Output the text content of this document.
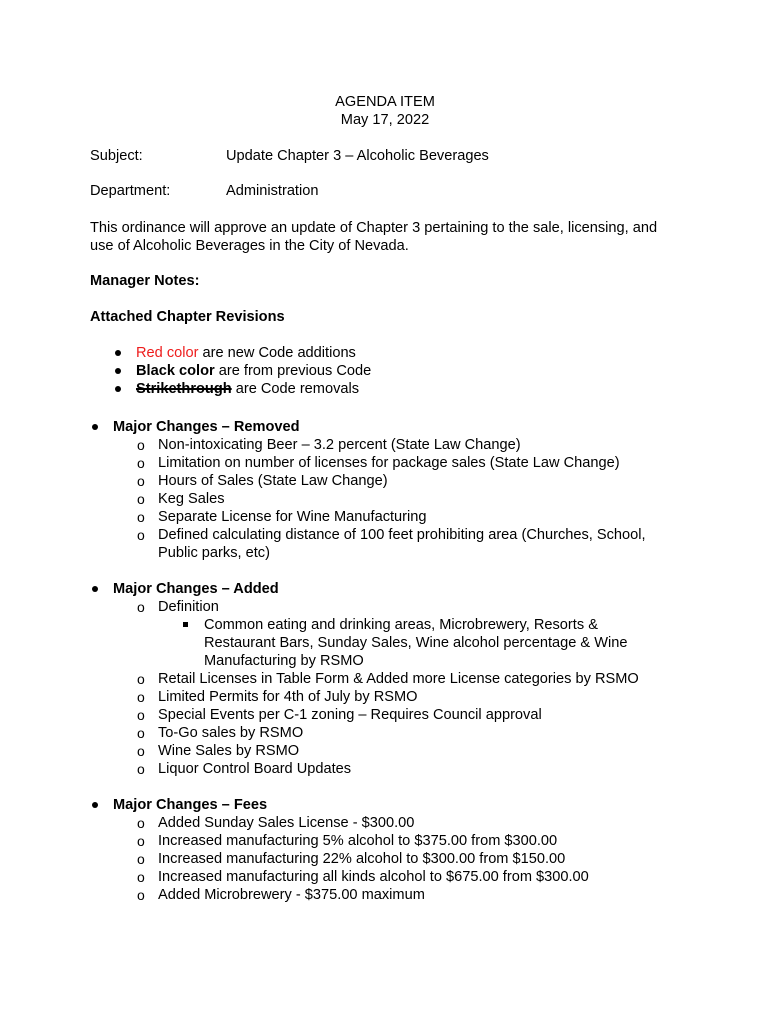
AGENDA ITEM
May 17, 2022
Subject:	Update Chapter 3 – Alcoholic Beverages
Department:	Administration
This ordinance will approve an update of Chapter 3 pertaining to the sale, licensing, and
use of Alcoholic Beverages in the City of Nevada.
Manager Notes:
Attached Chapter Revisions
Red color are new Code additions
Black color are from previous Code
Strikethrough are Code removals
Major Changes – Removed
o Non-intoxicating Beer – 3.2 percent (State Law Change)
o Limitation on number of licenses for package sales (State Law Change)
o Hours of Sales (State Law Change)
o Keg Sales
o Separate License for Wine Manufacturing
o Defined calculating distance of 100 feet prohibiting area (Churches, School,
Public parks, etc)
Major Changes – Added
o Definition
Common eating and drinking areas, Microbrewery, Resorts &
Restaurant Bars, Sunday Sales, Wine alcohol percentage & Wine
Manufacturing by RSMO
o Retail Licenses in Table Form & Added more License categories by RSMO
o Limited Permits for 4th of July by RSMO
o Special Events per C-1 zoning – Requires Council approval
o To-Go sales by RSMO
o Wine Sales by RSMO
o Liquor Control Board Updates
Major Changes – Fees
o Added Sunday Sales License - $300.00
o Increased manufacturing 5% alcohol to $375.00 from $300.00
o Increased manufacturing 22% alcohol to $300.00 from $150.00
o Increased manufacturing all kinds alcohol to $675.00 from $300.00
o Added Microbrewery - $375.00 maximum
